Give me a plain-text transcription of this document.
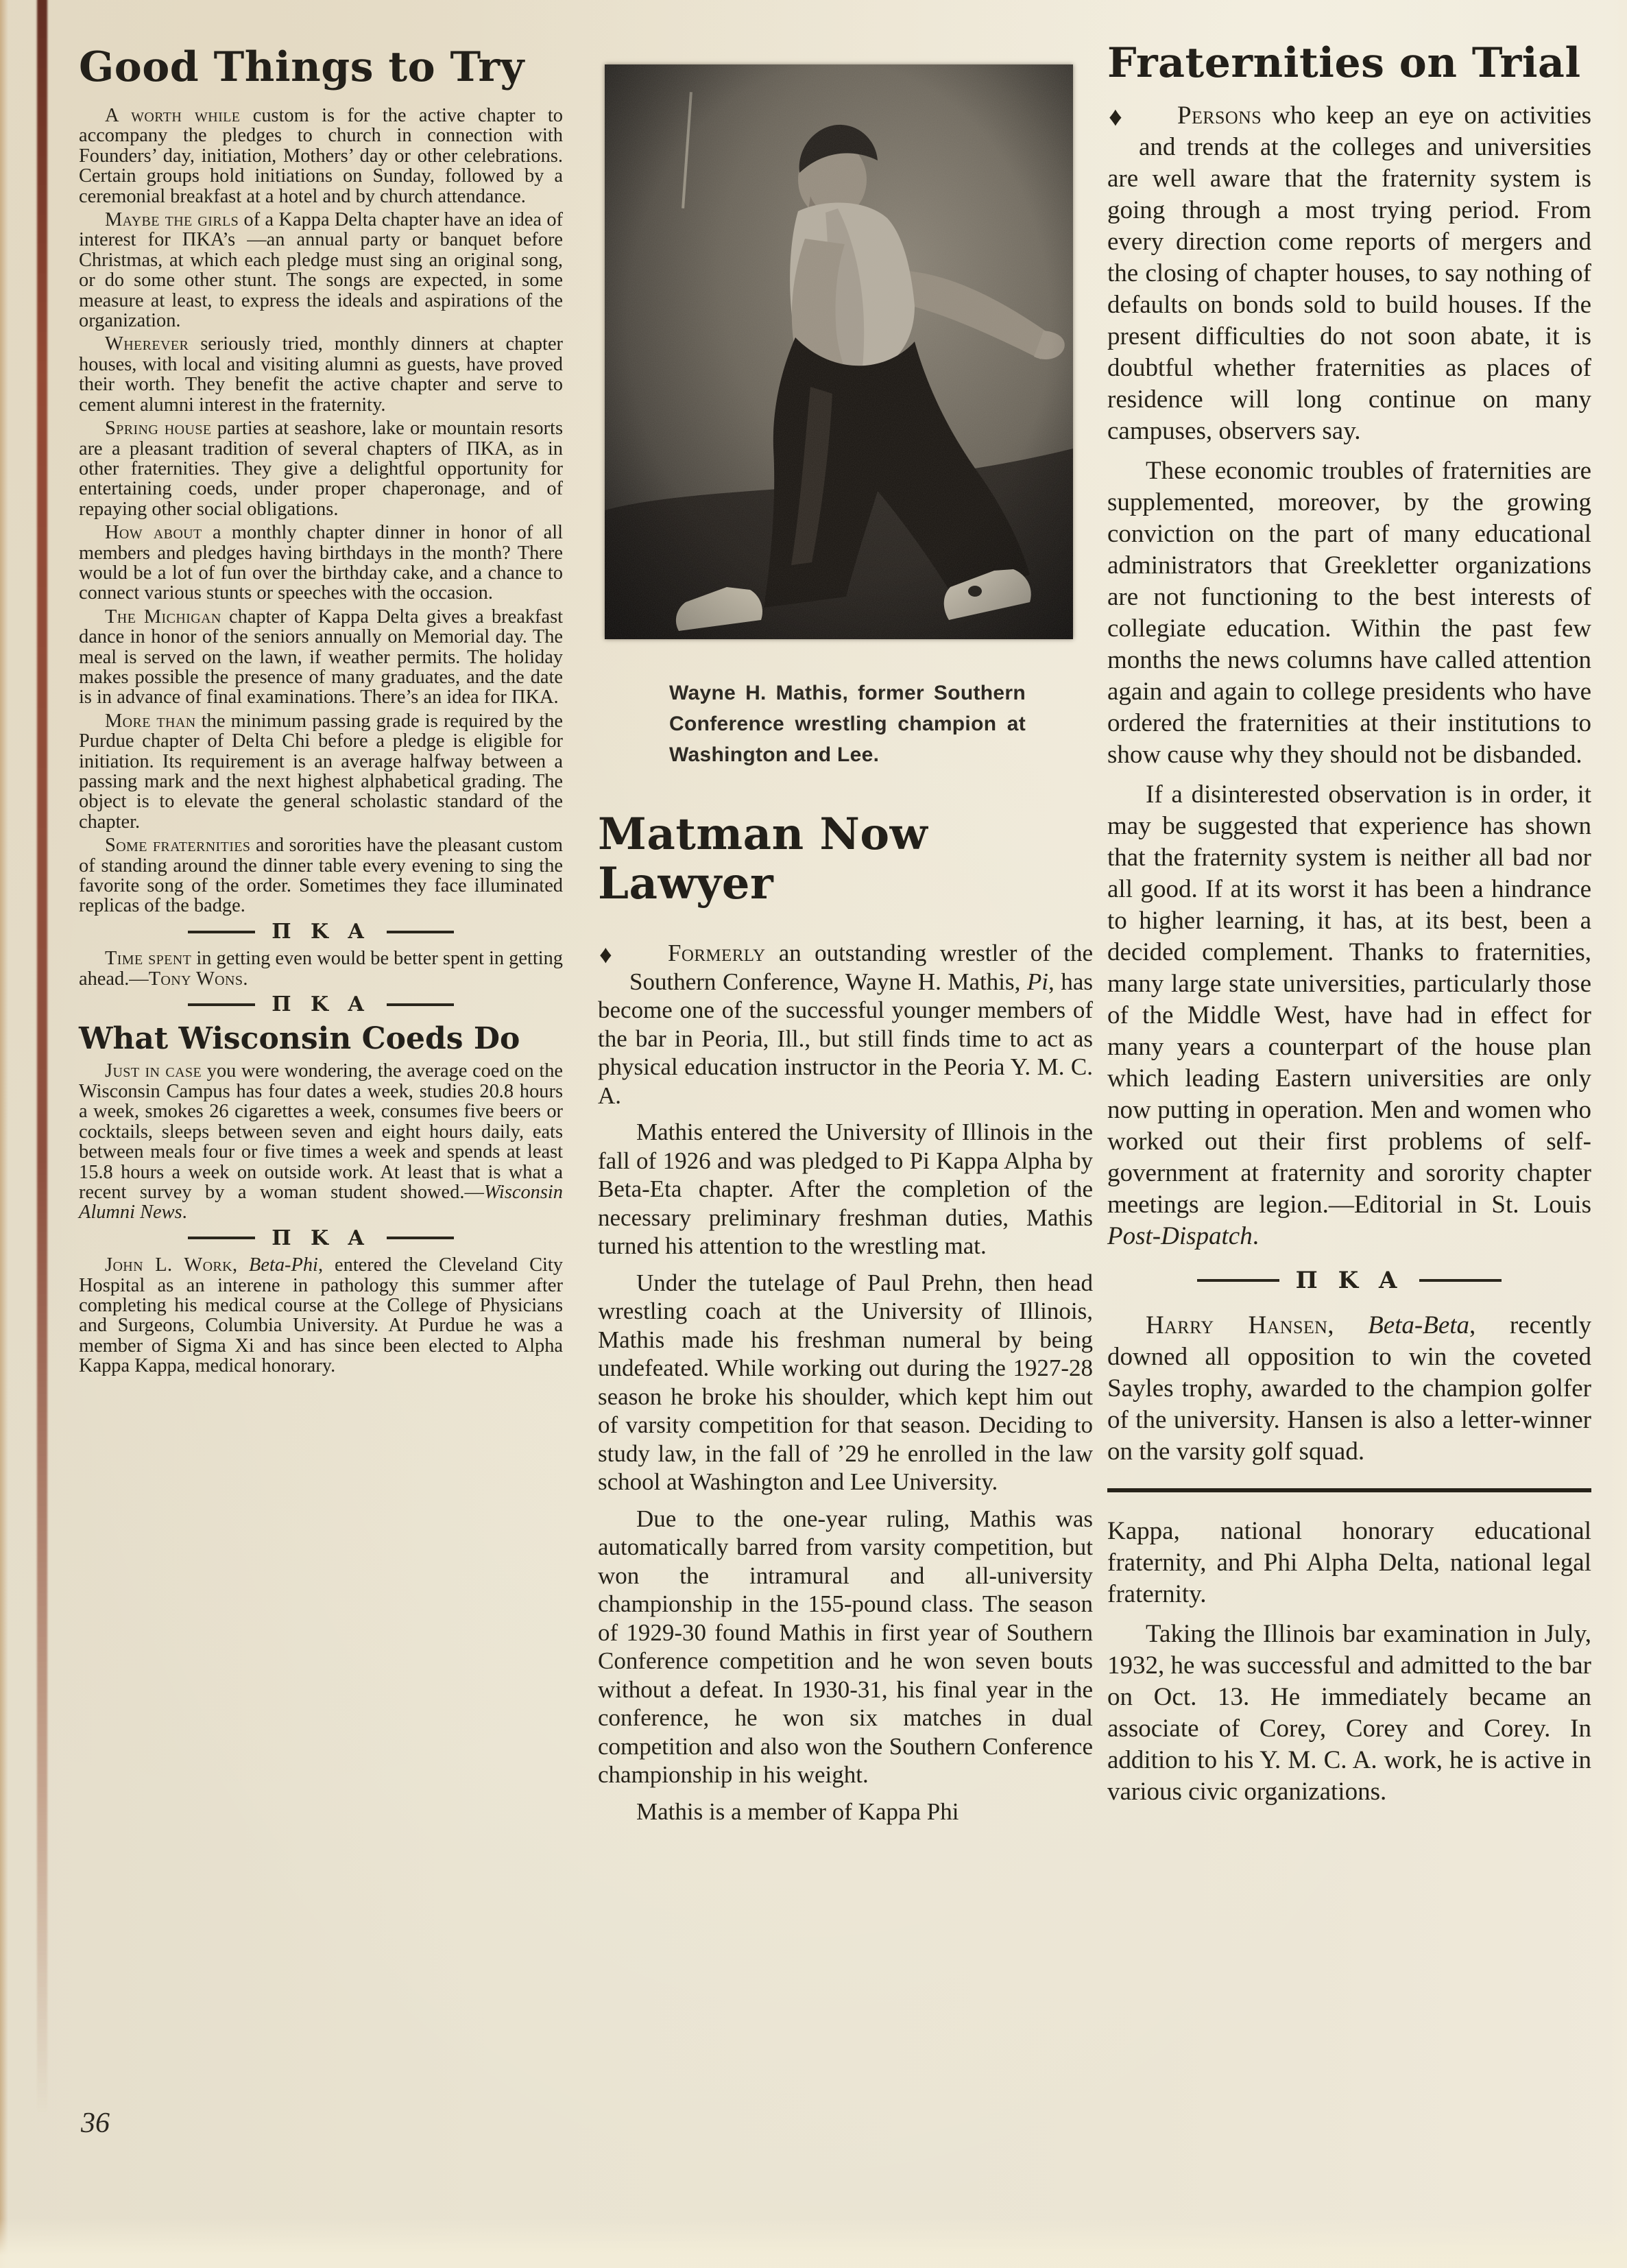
Good Things to Try

A worth while custom is for the active chapter to accompany the pledges to church in connection with Founders’ day, initiation, Mothers’ day or other celebrations. Certain groups hold initiations on Sunday, followed by a ceremonial breakfast at a hotel and by church attendance.

Maybe the girls of a Kappa Delta chapter have an idea of interest for ΠKA’s —an annual party or banquet before Christmas, at which each pledge must sing an original song, or do some other stunt. The songs are expected, in some measure at least, to express the ideals and aspirations of the organization.

Wherever seriously tried, monthly dinners at chapter houses, with local and visiting alumni as guests, have proved their worth. They benefit the active chapter and serve to cement alumni interest in the fraternity.

Spring house parties at seashore, lake or mountain resorts are a pleasant tradition of several chapters of ΠKA, as in other fraternities. They give a delightful opportunity for entertaining coeds, under proper chaperonage, and of repaying other social obligations.

How about a monthly chapter dinner in honor of all members and pledges having birthdays in the month? There would be a lot of fun over the birthday cake, and a chance to connect various stunts or speeches with the occasion.

The Michigan chapter of Kappa Delta gives a breakfast dance in honor of the seniors annually on Memorial day. The meal is served on the lawn, if weather permits. The holiday makes possible the presence of many graduates, and the date is in advance of final examinations. There’s an idea for ΠKA.

More than the minimum passing grade is required by the Purdue chapter of Delta Chi before a pledge is eligible for initiation. Its requirement is an average halfway between a passing mark and the next highest alphabetical grading. The object is to elevate the general scholastic standard of the chapter.

Some fraternities and sororities have the pleasant custom of standing around the dinner table every evening to sing the favorite song of the order. Sometimes they face illuminated replicas of the badge.

Π K A

Time spent in getting even would be better spent in getting ahead.—Tony Wons.

Π K A
What Wisconsin Coeds Do

Just in case you were wondering, the average coed on the Wisconsin Campus has four dates a week, studies 20.8 hours a week, smokes 26 cigarettes a week, consumes five beers or cocktails, sleeps between seven and eight hours daily, eats between meals four or five times a week and spends at least 15.8 hours a week on outside work. At least that is what a recent survey by a woman student showed.—Wisconsin Alumni News.

Π K A

John L. Work, Beta-Phi, entered the Cleveland City Hospital as an interene in pathology this summer after completing his medical course at the College of Physicians and Surgeons, Columbia University. At Purdue he was a member of Sigma Xi and has since been elected to Alpha Kappa Kappa, medical honorary.

Wayne H. Mathis, former Southern Conference wrestling champion at Washington and Lee.

Matman Now Lawyer

♦ Formerly an outstanding wrestler of the Southern Conference, Wayne H. Mathis, Pi, has become one of the successful younger members of the bar in Peoria, Ill., but still finds time to act as physical education instructor in the Peoria Y. M. C. A.

Mathis entered the University of Illinois in the fall of 1926 and was pledged to Pi Kappa Alpha by Beta-Eta chapter. After the completion of the necessary preliminary freshman duties, Mathis turned his attention to the wrestling mat.

Under the tutelage of Paul Prehn, then head wrestling coach at the University of Illinois, Mathis made his freshman numeral by being undefeated. While working out during the 1927-28 season he broke his shoulder, which kept him out of varsity competition for that season. Deciding to study law, in the fall of ’29 he enrolled in the law school at Washington and Lee University.

Due to the one-year ruling, Mathis was automatically barred from varsity competition, but won the intramural and all-university championship in the 155-pound class. The season of 1929-30 found Mathis in first year of Southern Conference competition and he won seven bouts without a defeat. In 1930-31, his final year in the conference, he won six matches in dual competition and also won the Southern Conference championship in his weight.

Mathis is a member of Kappa Phi

Fraternities on Trial

♦ Persons who keep an eye on activities and trends at the colleges and universities are well aware that the fraternity system is going through a most trying period. From every direction come reports of mergers and the closing of chapter houses, to say nothing of defaults on bonds sold to build houses. If the present difficulties do not soon abate, it is doubtful whether fraternities as places of residence will long continue on many campuses, observers say.

These economic troubles of fraternities are supplemented, moreover, by the growing conviction on the part of many educational administrators that Greekletter organizations are not functioning to the best interests of collegiate education. Within the past few months the news columns have called attention again and again to college presidents who have ordered the fraternities at their institutions to show cause why they should not be disbanded.

If a disinterested observation is in order, it may be suggested that experience has shown that the fraternity system is neither all bad nor all good. If at its worst it has been a hindrance to higher learning, it has, at its best, been a decided complement. Thanks to fraternities, many large state universities, particularly those of the Middle West, have had in effect for many years a counterpart of the house plan which leading Eastern universities are only now putting in operation. Men and women who worked out their first problems of self-government at fraternity and sorority chapter meetings are legion.—Editorial in St. Louis Post-Dispatch.

Π K A

Harry Hansen, Beta-Beta, recently downed all opposition to win the coveted Sayles trophy, awarded to the champion golfer of the university. Hansen is also a letter-winner on the varsity golf squad.

Kappa, national honorary educational fraternity, and Phi Alpha Delta, national legal fraternity.

Taking the Illinois bar examination in July, 1932, he was successful and admitted to the bar on Oct. 13. He immediately became an associate of Corey, Corey and Corey. In addition to his Y. M. C. A. work, he is active in various civic organizations.

36
